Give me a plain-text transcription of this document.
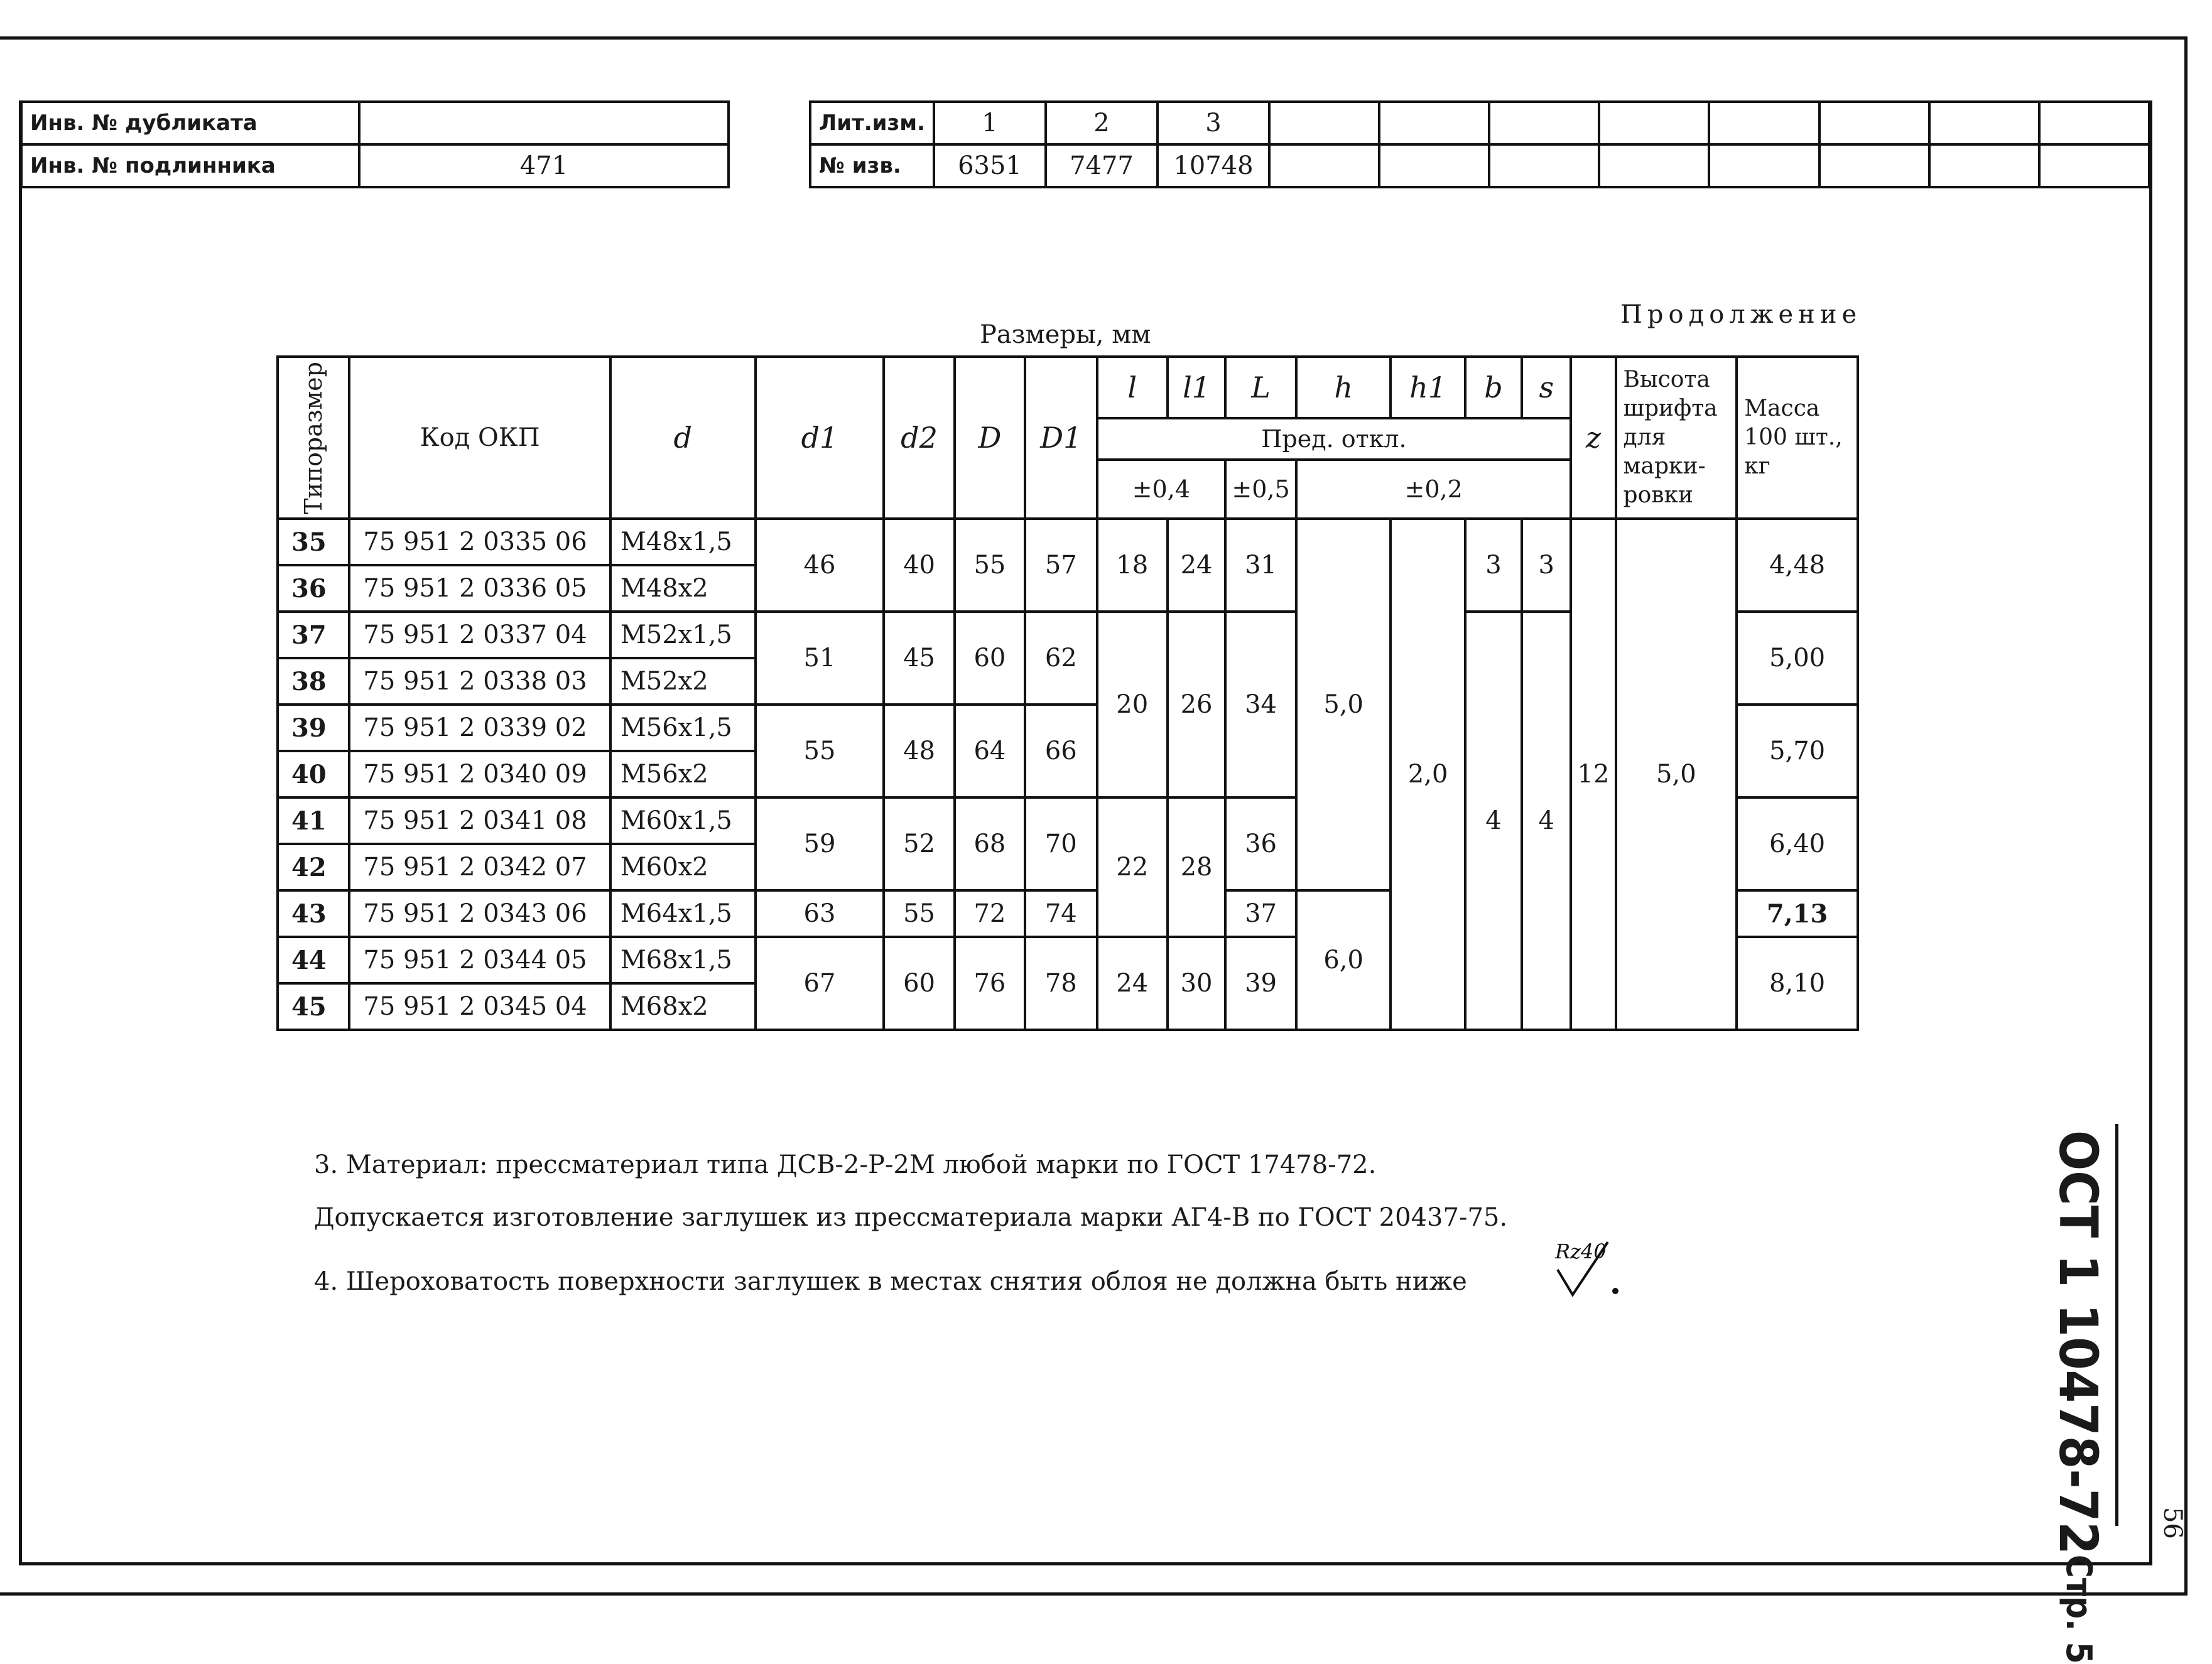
Инв. № дубликата	
Инв. № подлинника	471
Лит.изм.	1	2	3								
№ изв.	6351	7477	10748								
Продолжение
Размеры, мм
Типоразмер	Код ОКП	d	d1	d2	D	D1	l	l1	L	h	h1	b	s	z	Высота шрифта для марки- ровки	Масса 100 шт., кг
							Пред. откл.									
							±0,4		±0,5	±0,2						
35	75 951 2 0335 06	М48х1,5	46	40	55	57	18	24	31	5,0	2,0	3	3	12	5,0	4,48
36	75 951 2 0336 05	М48х2														
37	75 951 2 0337 04	М52х1,5	51	45	60	62	20	26	34			4	4			5,00
38	75 951 2 0338 03	М52х2														
39	75 951 2 0339 02	М56х1,5	55	48	64	66										5,70
40	75 951 2 0340 09	М56х2														
41	75 951 2 0341 08	М60х1,5	59	52	68	70	22	28	36							6,40
42	75 951 2 0342 07	М60х2														
43	75 951 2 0343 06	М64х1,5	63	55	72	74			37	6,0						7,13
44	75 951 2 0344 05	М68х1,5	67	60	76	78	24	30	39							8,10
45	75 951 2 0345 04	М68х2														
3. Материал: прессматериал типа ДСВ-2-Р-2М любой марки по ГОСТ 17478-72.
Допускается изготовление заглушек из прессматериала марки АГ4-В по ГОСТ 20437-75.
4. Шероховатость поверхности заглушек в местах снятия облоя не должна быть ниже
Rz40	ОСТ 1 10478-72Стр. 5
56
